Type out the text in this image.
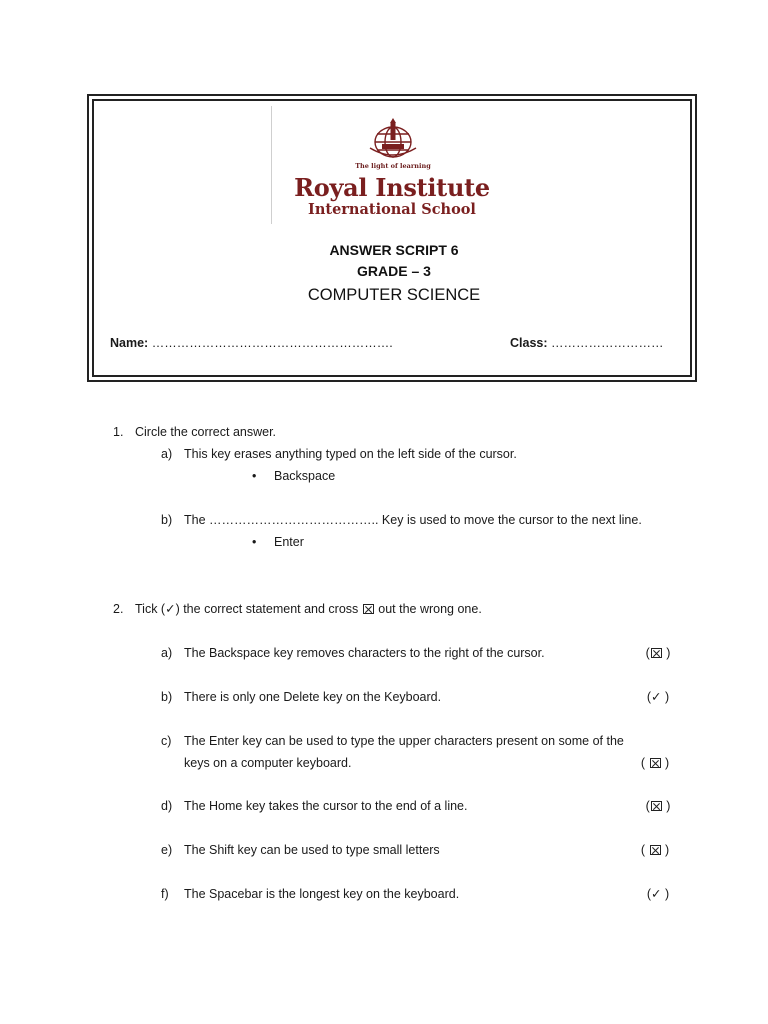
The light of learning
Royal Institute
International School
ANSWER SCRIPT 6
GRADE – 3
COMPUTER SCIENCE
Name: ………………………………………………….	Class: ………………………
1. Circle the correct answer.
a) This key erases anything typed on the left side of the cursor.
• Backspace
b) The ………………………………….. Key is used to move the cursor to the next line.
• Enter
2. Tick (✓) the correct statement and cross ☒ out the wrong one.
a) The Backspace key removes characters to the right of the cursor.	(☒ )
b) There is only one Delete key on the Keyboard.	(✓ )
c) The Enter key can be used to type the upper characters present on some of the
keys on a computer keyboard.	( ☒ )
d) The Home key takes the cursor to the end of a line.	(☒ )
e) The Shift key can be used to type small letters	( ☒ )
f) The Spacebar is the longest key on the keyboard.	(✓ )
